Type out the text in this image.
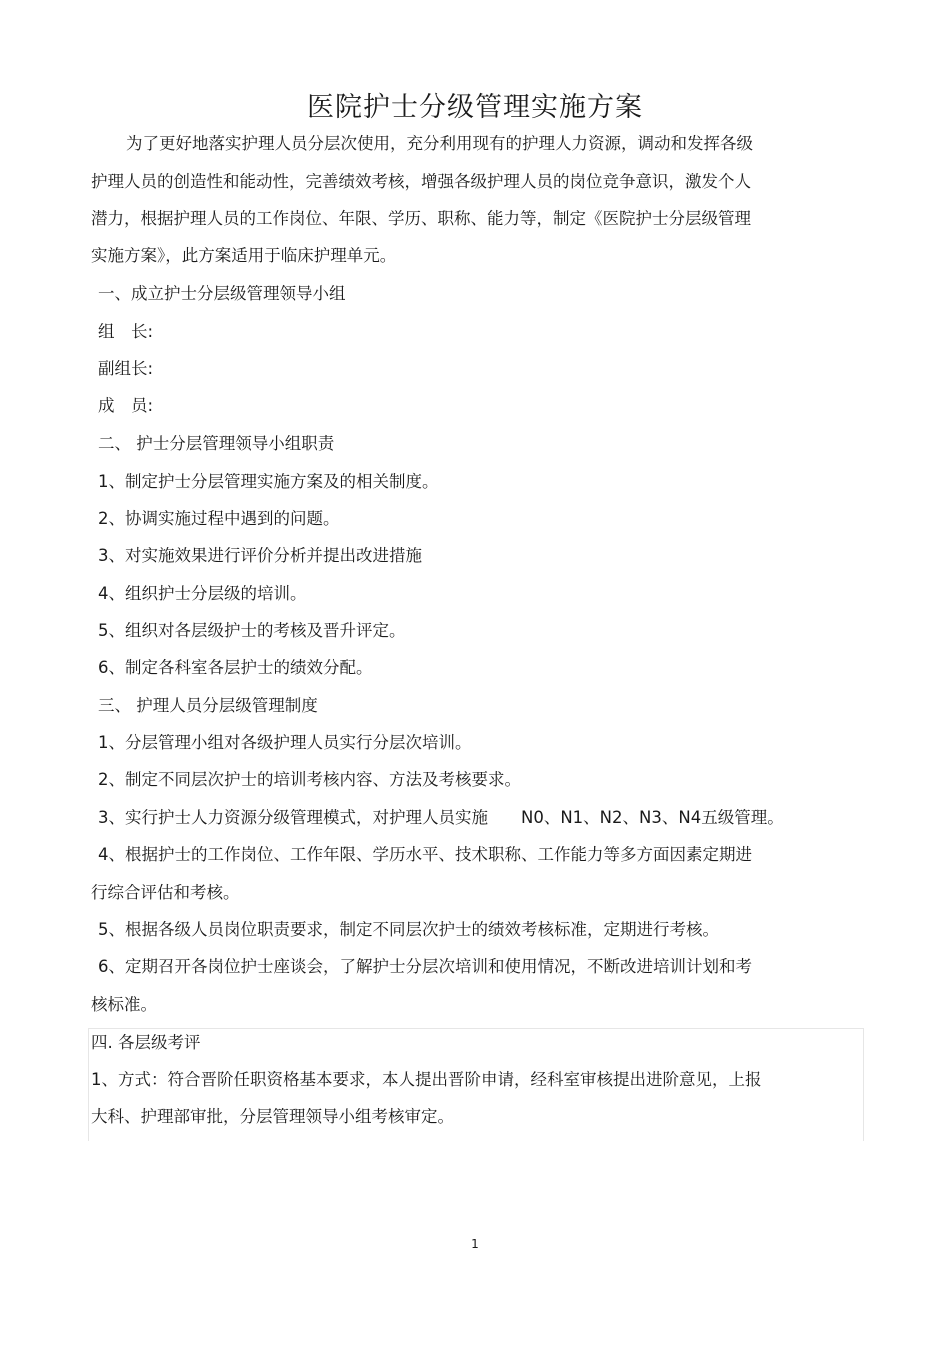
医院护士分级管理实施方案
为了更好地落实护理人员分层次使用，充分利用现有的护理人力资源，调动和发挥各级
护理人员的创造性和能动性，完善绩效考核，增强各级护理人员的岗位竞争意识，激发个人
潜力，根据护理人员的工作岗位、年限、学历、职称、能力等，制定《医院护士分层级管理
实施方案》，此方案适用于临床护理单元。
一、成立护士分层级管理领导小组
组　长:
副组长:
成　员:
二、 护士分层管理领导小组职责
1、制定护士分层管理实施方案及的相关制度。
2、协调实施过程中遇到的问题。
3、对实施效果进行评价分析并提出改进措施
4、组织护士分层级的培训。
5、组织对各层级护士的考核及晋升评定。
6、制定各科室各层护士的绩效分配。
三、 护理人员分层级管理制度
1、分层管理小组对各级护理人员实行分层次培训。
2、制定不同层次护士的培训考核内容、方法及考核要求。
3、实行护士人力资源分级管理模式，对护理人员实施　　N0、N1、N2、N3、N4五级管理。
4、根据护士的工作岗位、工作年限、学历水平、技术职称、工作能力等多方面因素定期进
行综合评估和考核。
5、根据各级人员岗位职责要求，制定不同层次护士的绩效考核标准，定期进行考核。
6、定期召开各岗位护士座谈会，了解护士分层次培训和使用情况，不断改进培训计划和考
核标准。
四. 各层级考评
1、方式：符合晋阶任职资格基本要求，本人提出晋阶申请，经科室审核提出进阶意见，上报
大科、护理部审批，分层管理领导小组考核审定。
1
